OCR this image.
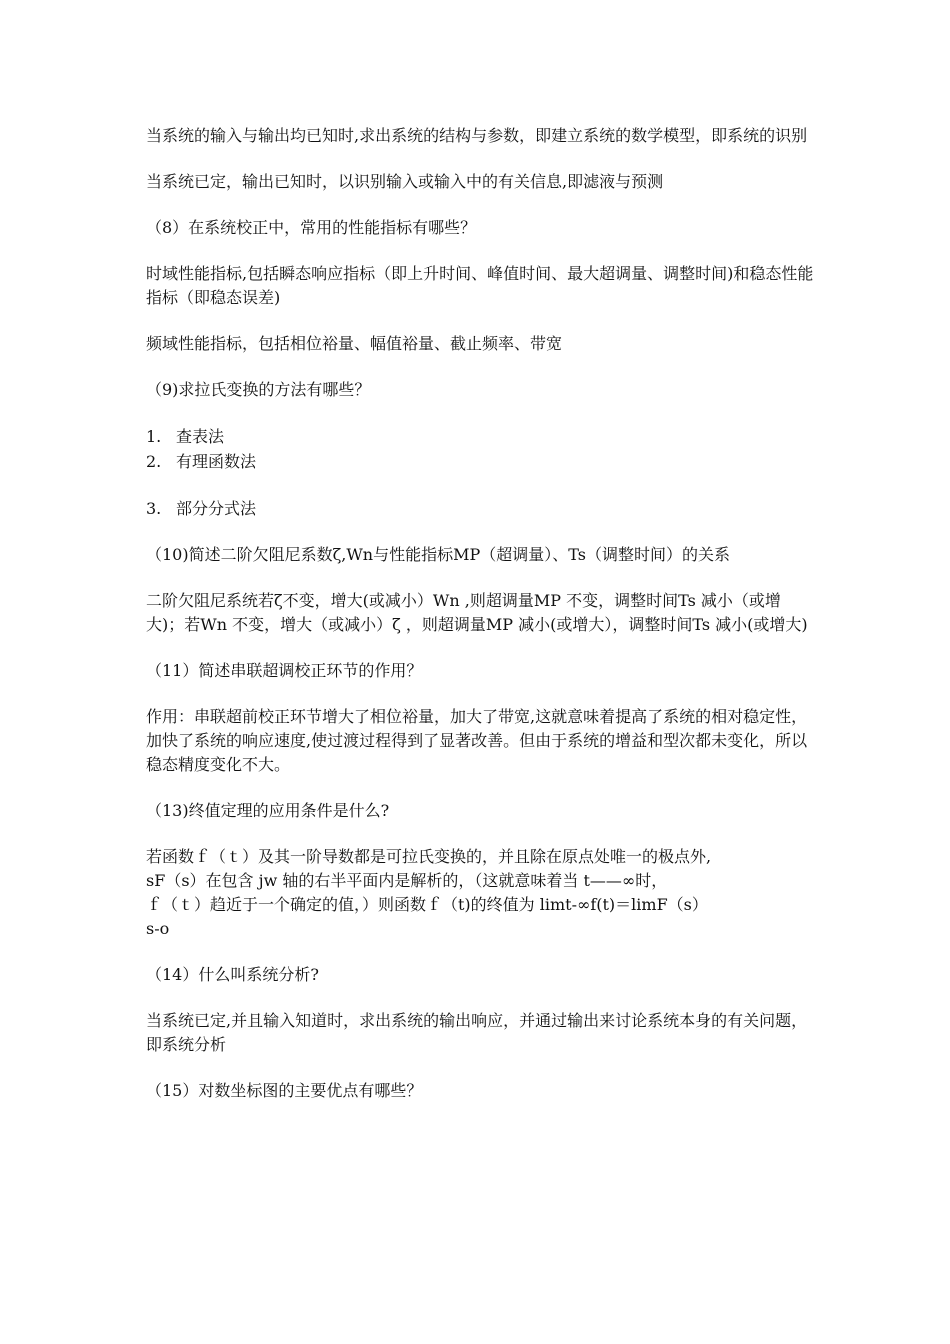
当系统的输入与输出均已知时,求出系统的结构与参数，即建立系统的数学模型，即系统的识别

当系统已定，输出已知时，以识别输入或输入中的有关信息,即滤液与预测

（8）在系统校正中，常用的性能指标有哪些？

时域性能指标,包括瞬态响应指标（即上升时间、峰值时间、最大超调量、调整时间)和稳态性能指标（即稳态误差)

频域性能指标，包括相位裕量、幅值裕量、截止频率、带宽

（9)求拉氏变换的方法有哪些？

1. 查表法
2. 有理函数法
3. 部分分式法

（10)简述二阶欠阻尼系数ζ,Wn与性能指标MP（超调量）、Ts（调整时间）的关系

二阶欠阻尼系统若ζ不变，增大(或减小）Wn ,则超调量MP 不变，调整时间Ts 减小（或增大)；若Wn 不变，增大（或减小）ζ ，则超调量MP 减小(或增大），调整时间Ts 减小(或增大)

（11）简述串联超调校正环节的作用？

作用：串联超前校正环节增大了相位裕量，加大了带宽,这就意味着提高了系统的相对稳定性，加快了系统的响应速度,使过渡过程得到了显著改善。但由于系统的增益和型次都未变化，所以稳态精度变化不大。

（13)终值定理的应用条件是什么?

若函数ｆ（ｔ）及其一阶导数都是可拉氏变换的，并且除在原点处唯一的极点外,
sF（s）在包含 jw 轴的右半平面内是解析的，（这就意味着当 t——∞时，
ｆ（ｔ）趋近于一个确定的值，）则函数ｆ（t)的终值为 limt-∞f(t)＝limF（s）
s-o

（14）什么叫系统分析?

当系统已定,并且输入知道时，求出系统的输出响应，并通过输出来讨论系统本身的有关问题，即系统分析

（15）对数坐标图的主要优点有哪些？
